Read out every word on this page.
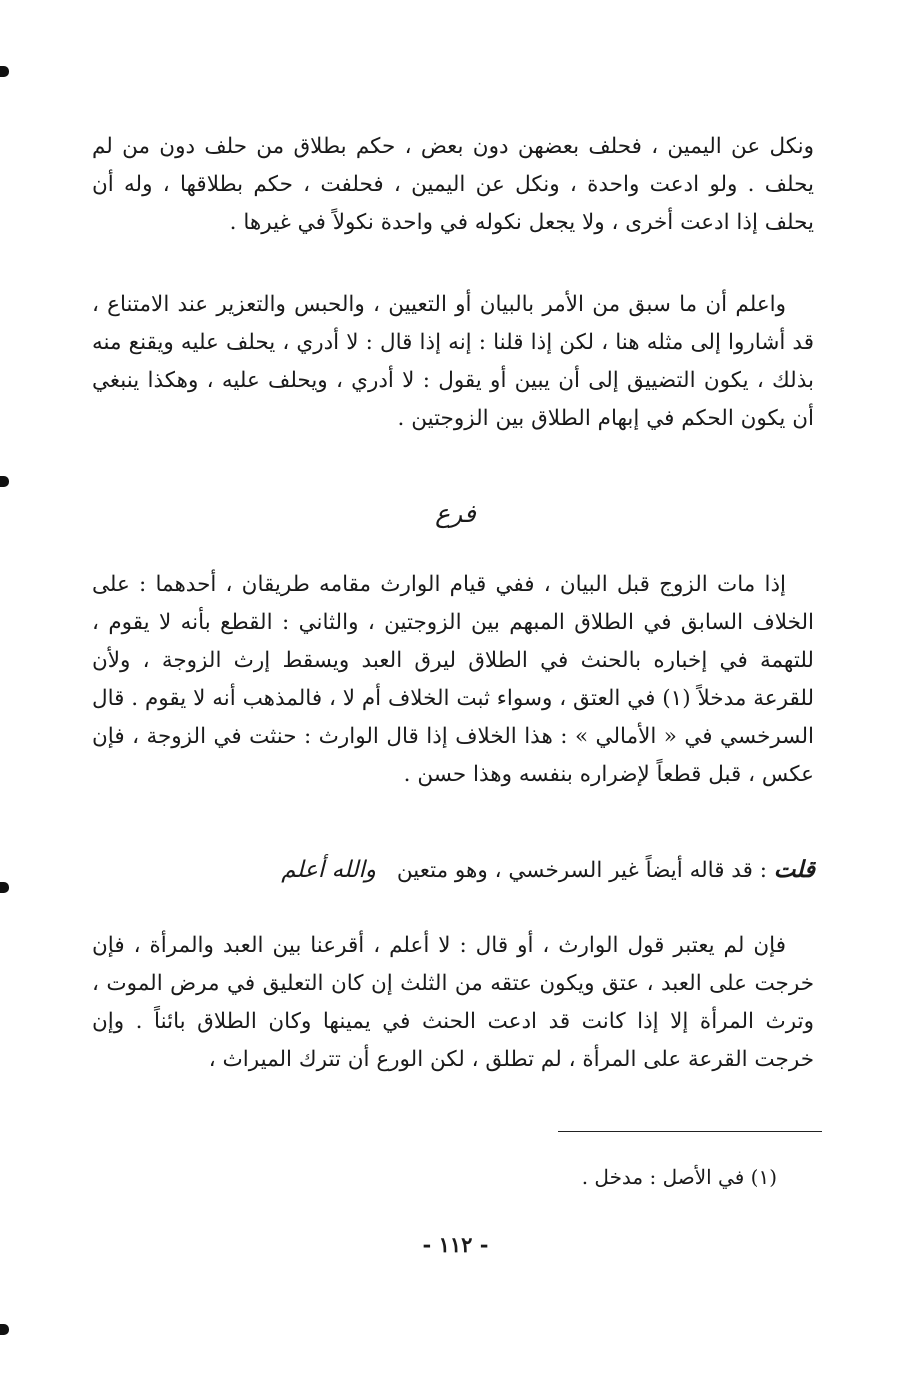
ونكل عن اليمين ، فحلف بعضهن دون بعض ، حكم بطلاق من حلف دون من لم يحلف . ولو ادعت واحدة ، ونكل عن اليمين ، فحلفت ، حكم بطلاقها ، وله أن يحلف إذا ادعت أخرى ، ولا يجعل نكوله في واحدة نكولاً في غيرها .

واعلم أن ما سبق من الأمر بالبيان أو التعيين ، والحبس والتعزير عند الامتناع ، قد أشاروا إلى مثله هنا ، لكن إذا قلنا : إنه إذا قال : لا أدري ، يحلف عليه ويقنع منه بذلك ، يكون التضييق إلى أن يبين أو يقول : لا أدري ، ويحلف عليه ، وهكذا ينبغي أن يكون الحكم في إبهام الطلاق بين الزوجتين .

فرع

إذا مات الزوج قبل البيان ، ففي قيام الوارث مقامه طريقان ، أحدهما : على الخلاف السابق في الطلاق المبهم بين الزوجتين ، والثاني : القطع بأنه لا يقوم ، للتهمة في إخباره بالحنث في الطلاق ليرق العبد ويسقط إرث الزوجة ، ولأن للقرعة مدخلاً (١) في العتق ، وسواء ثبت الخلاف أم لا ، فالمذهب أنه لا يقوم . قال السرخسي في « الأمالي » : هذا الخلاف إذا قال الوارث : حنثت في الزوجة ، فإن عكس ، قبل قطعاً لإضراره بنفسه وهذا حسن .

قلت : قد قاله أيضاً غير السرخسي ، وهو متعين والله أعلم

فإن لم يعتبر قول الوارث ، أو قال : لا أعلم ، أقرعنا بين العبد والمرأة ، فإن خرجت على العبد ، عتق ويكون عتقه من الثلث إن كان التعليق في مرض الموت ، وترث المرأة إلا إذا كانت قد ادعت الحنث في يمينها وكان الطلاق بائناً . وإن خرجت القرعة على المرأة ، لم تطلق ، لكن الورع أن تترك الميراث ،

(١) في الأصل : مدخل .
- ١١٢ -
